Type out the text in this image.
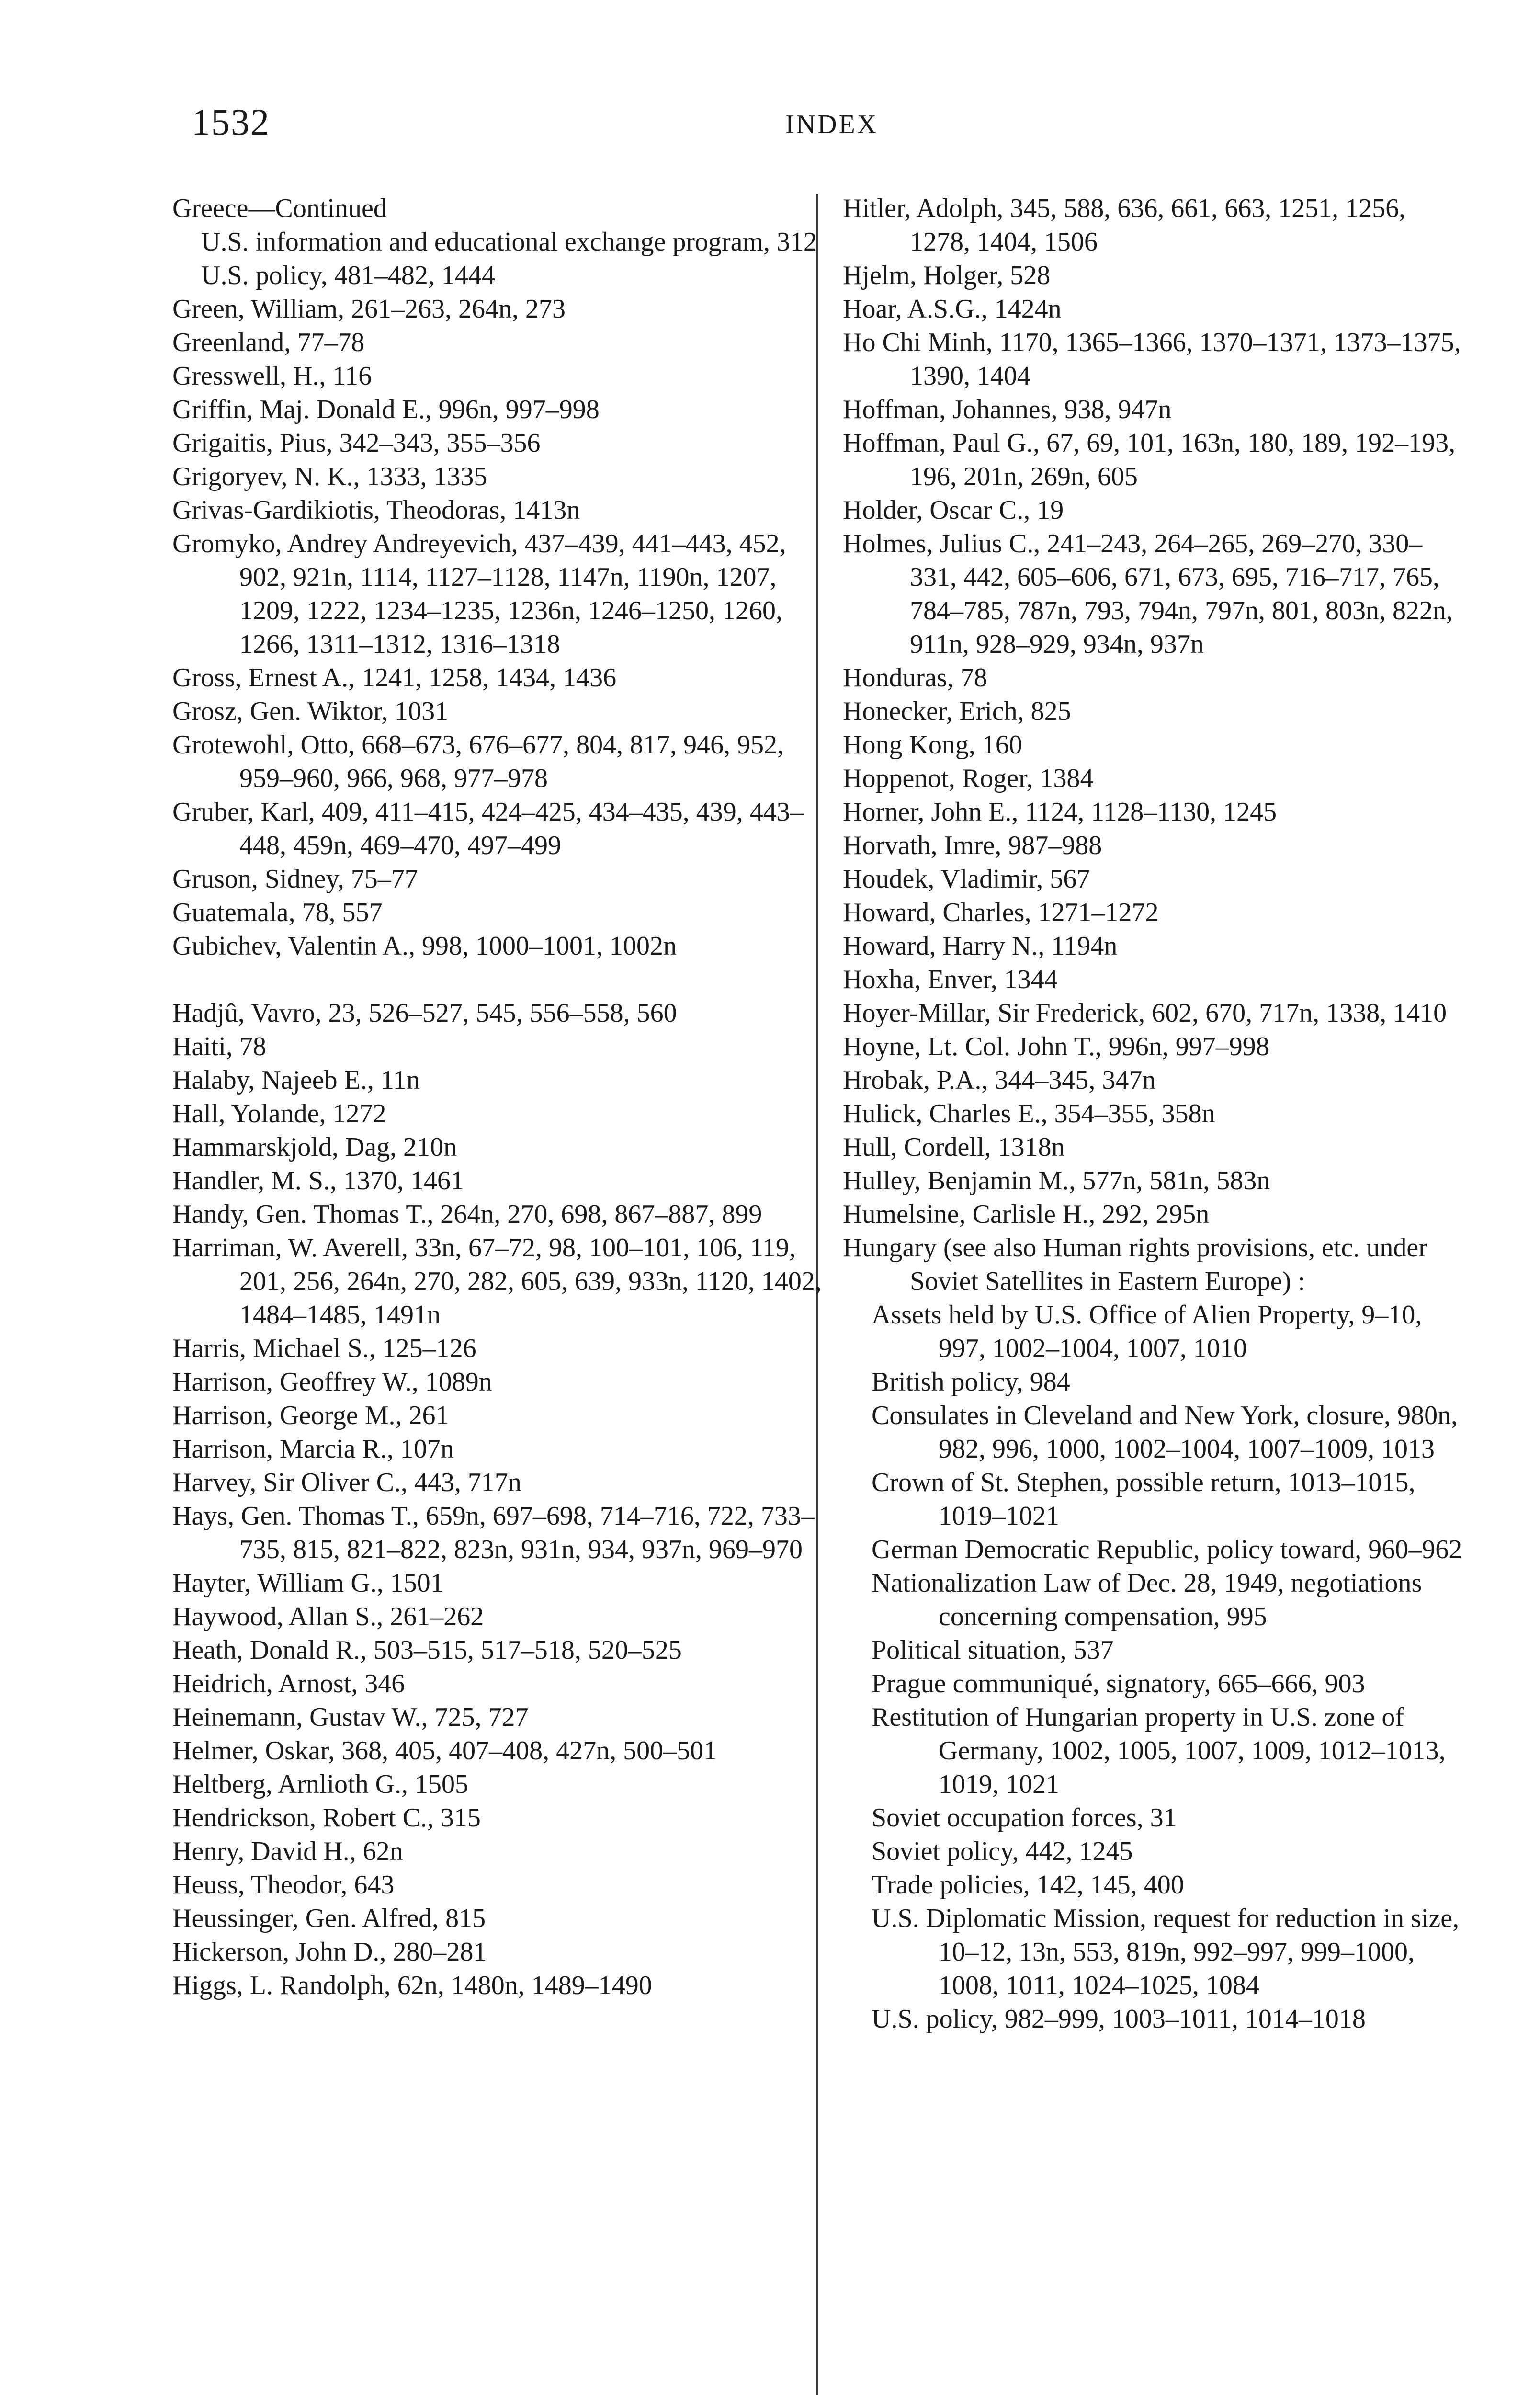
1532	INDEX

Greece—Continued

U.S. information and educational exchange program, 312

U.S. policy, 481–482, 1444

Green, William, 261–263, 264n, 273

Greenland, 77–78

Gresswell, H., 116

Griffin, Maj. Donald E., 996n, 997–998

Grigaitis, Pius, 342–343, 355–356

Grigoryev, N. K., 1333, 1335

Grivas-Gardikiotis, Theodoras, 1413n

Gromyko, Andrey Andreyevich, 437–439, 441–443, 452, 902, 921n, 1114, 1127–1128, 1147n, 1190n, 1207, 1209, 1222, 1234–1235, 1236n, 1246–1250, 1260, 1266, 1311–1312, 1316–1318

Gross, Ernest A., 1241, 1258, 1434, 1436

Grosz, Gen. Wiktor, 1031

Grotewohl, Otto, 668–673, 676–677, 804, 817, 946, 952, 959–960, 966, 968, 977–978

Gruber, Karl, 409, 411–415, 424–425, 434–435, 439, 443–448, 459n, 469–470, 497–499

Gruson, Sidney, 75–77

Guatemala, 78, 557

Gubichev, Valentin A., 998, 1000–1001, 1002n

Hadjû, Vavro, 23, 526–527, 545, 556–558, 560

Haiti, 78

Halaby, Najeeb E., 11n

Hall, Yolande, 1272

Hammarskjold, Dag, 210n

Handler, M. S., 1370, 1461

Handy, Gen. Thomas T., 264n, 270, 698, 867–887, 899

Harriman, W. Averell, 33n, 67–72, 98, 100–101, 106, 119, 201, 256, 264n, 270, 282, 605, 639, 933n, 1120, 1402, 1484–1485, 1491n

Harris, Michael S., 125–126

Harrison, Geoffrey W., 1089n

Harrison, George M., 261

Harrison, Marcia R., 107n

Harvey, Sir Oliver C., 443, 717n

Hays, Gen. Thomas T., 659n, 697–698, 714–716, 722, 733–735, 815, 821–822, 823n, 931n, 934, 937n, 969–970

Hayter, William G., 1501

Haywood, Allan S., 261–262

Heath, Donald R., 503–515, 517–518, 520–525

Heidrich, Arnost, 346

Heinemann, Gustav W., 725, 727

Helmer, Oskar, 368, 405, 407–408, 427n, 500–501

Heltberg, Arnlioth G., 1505

Hendrickson, Robert C., 315

Henry, David H., 62n

Heuss, Theodor, 643

Heussinger, Gen. Alfred, 815

Hickerson, John D., 280–281

Higgs, L. Randolph, 62n, 1480n, 1489–1490

Hitler, Adolph, 345, 588, 636, 661, 663, 1251, 1256, 1278, 1404, 1506

Hjelm, Holger, 528

Hoar, A.S.G., 1424n

Ho Chi Minh, 1170, 1365–1366, 1370–1371, 1373–1375, 1390, 1404

Hoffman, Johannes, 938, 947n

Hoffman, Paul G., 67, 69, 101, 163n, 180, 189, 192–193, 196, 201n, 269n, 605

Holder, Oscar C., 19

Holmes, Julius C., 241–243, 264–265, 269–270, 330–331, 442, 605–606, 671, 673, 695, 716–717, 765, 784–785, 787n, 793, 794n, 797n, 801, 803n, 822n, 911n, 928–929, 934n, 937n

Honduras, 78

Honecker, Erich, 825

Hong Kong, 160

Hoppenot, Roger, 1384

Horner, John E., 1124, 1128–1130, 1245

Horvath, Imre, 987–988

Houdek, Vladimir, 567

Howard, Charles, 1271–1272

Howard, Harry N., 1194n

Hoxha, Enver, 1344

Hoyer-Millar, Sir Frederick, 602, 670, 717n, 1338, 1410

Hoyne, Lt. Col. John T., 996n, 997–998

Hrobak, P.A., 344–345, 347n

Hulick, Charles E., 354–355, 358n

Hull, Cordell, 1318n

Hulley, Benjamin M., 577n, 581n, 583n

Humelsine, Carlisle H., 292, 295n

Hungary (see also Human rights provisions, etc. under Soviet Satellites in Eastern Europe) :

Assets held by U.S. Office of Alien Property, 9–10, 997, 1002–1004, 1007, 1010

British policy, 984

Consulates in Cleveland and New York, closure, 980n, 982, 996, 1000, 1002–1004, 1007–1009, 1013

Crown of St. Stephen, possible return, 1013–1015, 1019–1021

German Democratic Republic, policy toward, 960–962

Nationalization Law of Dec. 28, 1949, negotiations concerning compensation, 995

Political situation, 537

Prague communiqué, signatory, 665–666, 903

Restitution of Hungarian property in U.S. zone of Germany, 1002, 1005, 1007, 1009, 1012–1013, 1019, 1021

Soviet occupation forces, 31

Soviet policy, 442, 1245

Trade policies, 142, 145, 400

U.S. Diplomatic Mission, request for reduction in size, 10–12, 13n, 553, 819n, 992–997, 999–1000, 1008, 1011, 1024–1025, 1084

U.S. policy, 982–999, 1003–1011, 1014–1018
